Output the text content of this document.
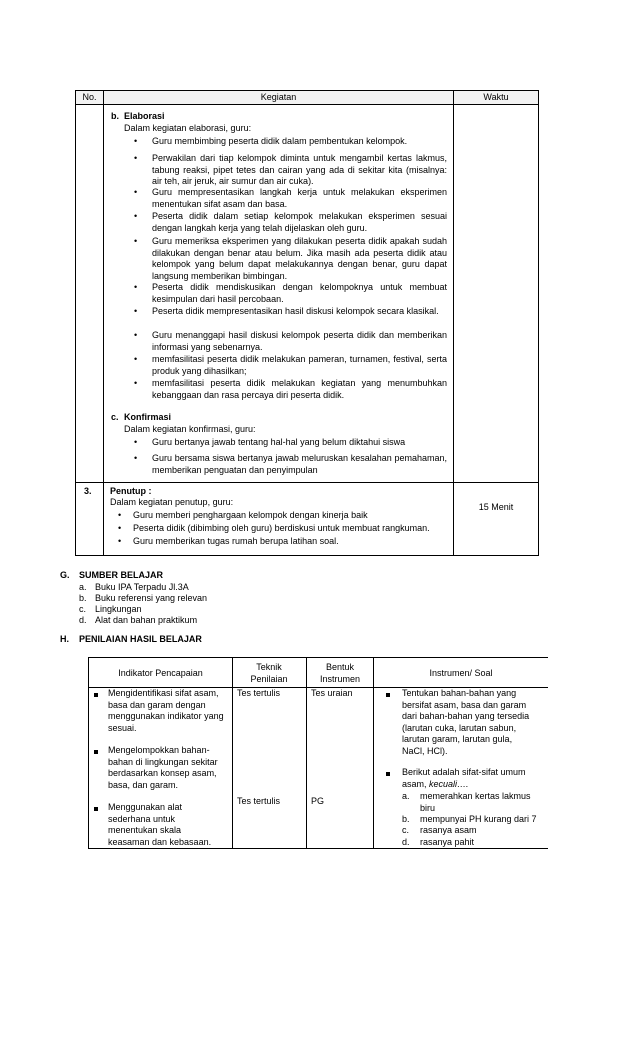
No.	Kegiatan	Waktu
b. Elaborasi
Dalam kegiatan elaborasi, guru:
• Guru membimbing peserta didik dalam pembentukan kelompok.
• Perwakilan dari tiap kelompok diminta untuk mengambil kertas lakmus, tabung reaksi, pipet tetes dan cairan yang ada di sekitar kita (misalnya: air teh, air jeruk, air sumur dan air cuka).
• Guru mempresentasikan langkah kerja untuk melakukan eksperimen menentukan sifat asam dan basa.
• Peserta didik dalam setiap kelompok melakukan eksperimen sesuai dengan langkah kerja yang telah dijelaskan oleh guru.
• Guru memeriksa eksperimen yang dilakukan peserta didik apakah sudah dilakukan dengan benar atau belum. Jika masih ada peserta didik atau kelompok yang belum dapat melakukannya dengan benar, guru dapat langsung memberikan bimbingan.
• Peserta didik mendiskusikan dengan kelompoknya untuk membuat kesimpulan dari hasil percobaan.
• Peserta didik mempresentasikan hasil diskusi kelompok secara klasikal.
• Guru menanggapi hasil diskusi kelompok peserta didik dan memberikan informasi yang sebenarnya.
• memfasilitasi peserta didik melakukan pameran, turnamen, festival, serta produk yang dihasilkan;
• memfasilitasi peserta didik melakukan kegiatan yang menumbuhkan kebanggaan dan rasa percaya diri peserta didik.
c. Konfirmasi
Dalam kegiatan konfirmasi, guru:
• Guru bertanya jawab tentang hal-hal yang belum diktahui siswa
• Guru bersama siswa bertanya jawab meluruskan kesalahan pemahaman, memberikan penguatan dan penyimpulan
3. Penutup :
Dalam kegiatan penutup, guru:
• Guru memberi penghargaan kelompok dengan kinerja baik
• Peserta didik (dibimbing oleh guru) berdiskusi untuk membuat rangkuman.
• Guru memberikan tugas rumah berupa latihan soal.
15 Menit
G. SUMBER BELAJAR
a. Buku IPA Terpadu Jl.3A
b. Buku referensi yang relevan
c. Lingkungan
d. Alat dan bahan praktikum
H. PENILAIAN HASIL BELAJAR
Indikator Pencapaian
Teknik Penilaian
Bentuk Instrumen
Instrumen/ Soal
Mengidentifikasi sifat asam, basa dan garam dengan menggunakan indikator yang sesuai.
Mengelompokkan bahan-bahan di lingkungan sekitar berdasarkan konsep asam, basa, dan garam.
Menggunakan alat sederhana untuk menentukan skala keasaman dan kebasaan.
Tes tertulis
Tes tertulis
Tes uraian
PG
Tentukan bahan-bahan yang bersifat asam, basa dan garam dari bahan-bahan yang tersedia (larutan cuka, larutan sabun, larutan garam, larutan gula, NaCl, HCl).
Berikut adalah sifat-sifat umum asam, kecuali….
a. memerahkan kertas lakmus biru
b. mempunyai PH kurang dari 7
c. rasanya asam
d. rasanya pahit
